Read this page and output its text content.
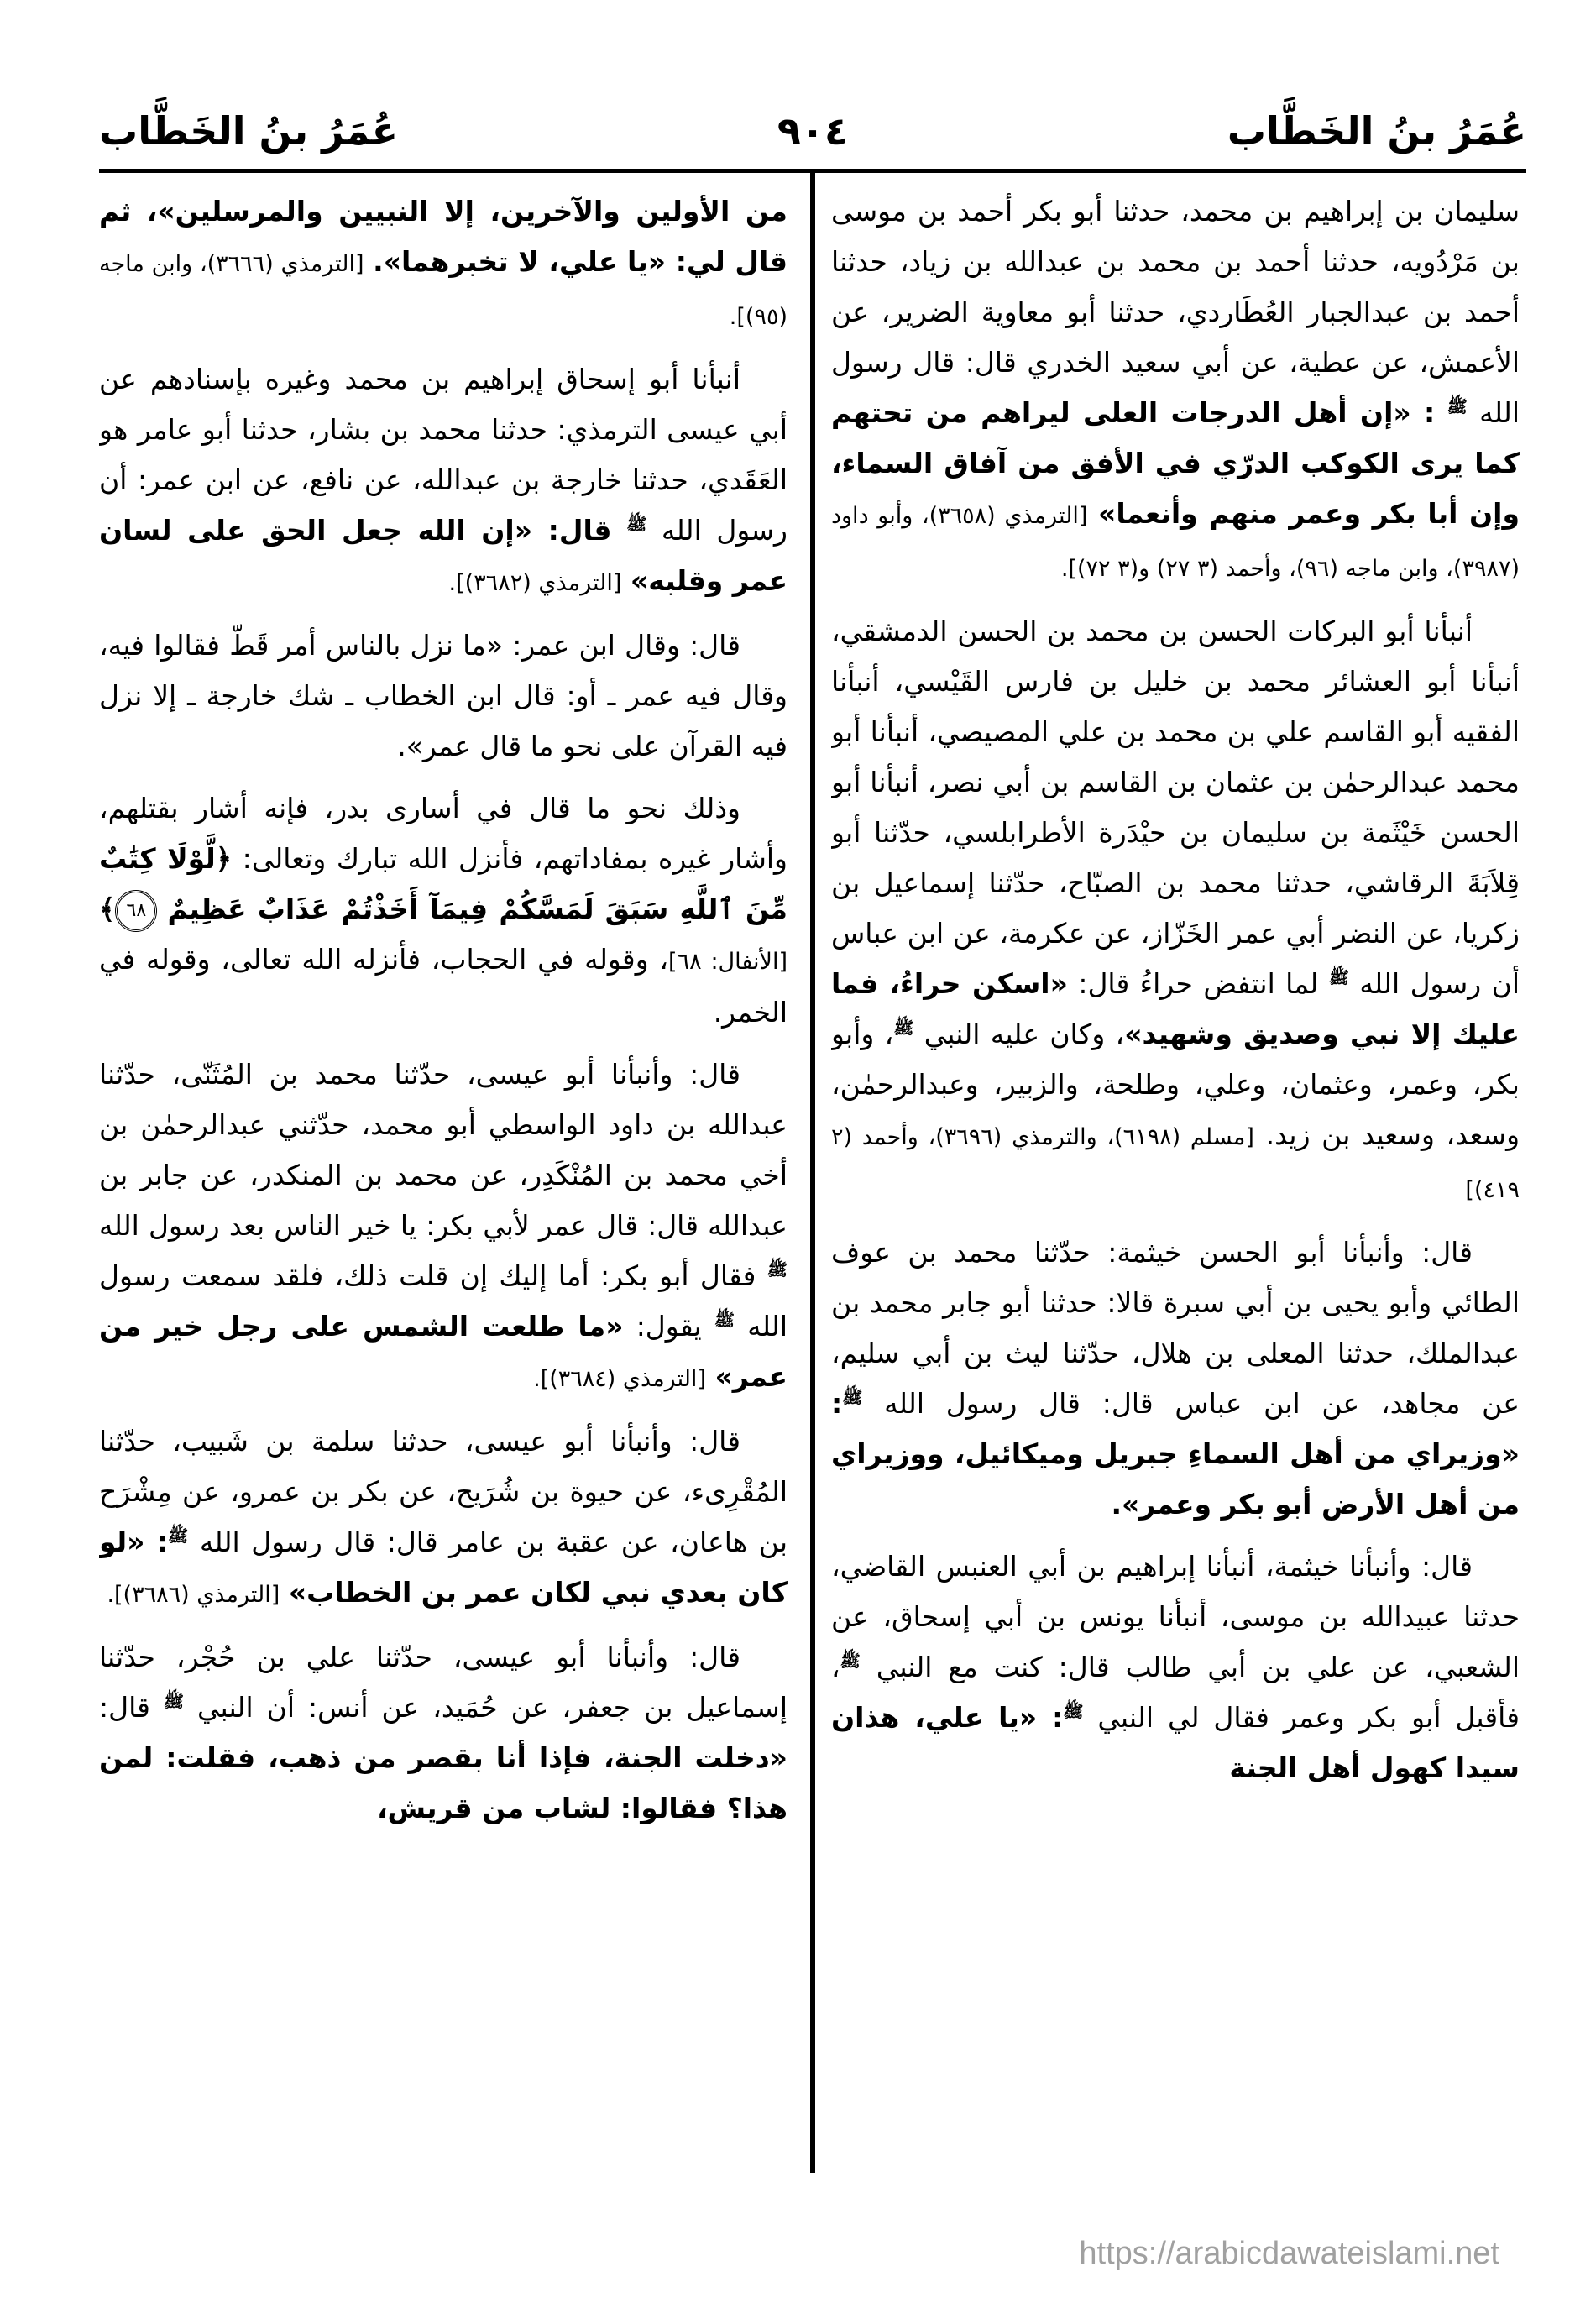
عُمَرُ بنُ الخَطَّاب	٩٠٤	عُمَرُ بنُ الخَطَّاب

سليمان بن إبراهيم بن محمد، حدثنا أبو بكر أحمد بن موسى بن مَرْدُويه، حدثنا أحمد بن محمد بن عبدالله بن زياد، حدثنا أحمد بن عبدالجبار العُطَاردي، حدثنا أبو معاوية الضرير، عن الأعمش، عن عطية، عن أبي سعيد الخدري قال: قال رسول الله $^ﷺ$ : «إن أهل الدرجات العلى ليراهم من تحتهم كما يرى الكوكب الدرّي في الأفق من آفاق السماء، وإن أبا بكر وعمر منهم وأنعما» [الترمذي (٣٦٥٨)، وأبو داود (٣٩٨٧)، وابن ماجه (٩٦)، وأحمد (٣ ٢٧) و(٣ ٧٢)].

أنبأنا أبو البركات الحسن بن محمد بن الحسن الدمشقي، أنبأنا أبو العشائر محمد بن خليل بن فارس القَيْسي، أنبأنا الفقيه أبو القاسم علي بن محمد بن علي المصيصي، أنبأنا أبو محمد عبدالرحمٰن بن عثمان بن القاسم بن أبي نصر، أنبأنا أبو الحسن خَيْثَمة بن سليمان بن حيْدَرة الأطرابلسي، حدّثنا أبو قِلاَبَةَ الرقاشي، حدثنا محمد بن الصبّاح، حدّثنا إسماعيل بن زكريا، عن النضر أبي عمر الخَزّاز، عن عكرمة، عن ابن عباس أن رسول الله $^ﷺ$ لما انتفض حراءُ قال: «اسكن حراءُ، فما عليك إلا نبي وصديق وشهيد»، وكان عليه النبي $^ﷺ$، وأبو بكر، وعمر، وعثمان، وعلي، وطلحة، والزبير، وعبدالرحمٰن، وسعد، وسعيد بن زيد. [مسلم (٦١٩٨)، والترمذي (٣٦٩٦)، وأحمد (٢ ٤١٩)]

قال: وأنبأنا أبو الحسن خيثمة: حدّثنا محمد بن عوف الطائي وأبو يحيى بن أبي سبرة قالا: حدثنا أبو جابر محمد بن عبدالملك، حدثنا المعلى بن هلال، حدّثنا ليث بن أبي سليم، عن مجاهد، عن ابن عباس قال: قال رسول الله $^ﷺ$: «وزيراي من أهل السماءِ جبريل وميكائيل، ووزيراي من أهل الأرض أبو بكر وعمر».

قال: وأنبأنا خيثمة، أنبأنا إبراهيم بن أبي العنبس القاضي، حدثنا عبيدالله بن موسى، أنبأنا يونس بن أبي إسحاق، عن الشعبي، عن علي بن أبي طالب قال: كنت مع النبي $^ﷺ$، فأقبل أبو بكر وعمر فقال لي النبي $^ﷺ$: «يا علي، هذان سيدا كهول أهل الجنة

من الأولين والآخرين، إلا النبيين والمرسلين»، ثم قال لي: «يا علي، لا تخبرهما». [الترمذي (٣٦٦٦)، وابن ماجه (٩٥)].

أنبأنا أبو إسحاق إبراهيم بن محمد وغيره بإسنادهم عن أبي عيسى الترمذي: حدثنا محمد بن بشار، حدثنا أبو عامر هو العَقَدي، حدثنا خارجة بن عبدالله، عن نافع، عن ابن عمر: أن رسول الله $^ﷺ$ قال: «إن الله جعل الحق على لسان عمر وقلبه» [الترمذي (٣٦٨٢)].

قال: وقال ابن عمر: «ما نزل بالناس أمر قَطّ فقالوا فيه، وقال فيه عمر ـ أو: قال ابن الخطاب ـ شك خارجة ـ إلا نزل فيه القرآن على نحو ما قال عمر».

وذلك نحو ما قال في أسارى بدر، فإنه أشار بقتلهم، وأشار غيره بمفاداتهم، فأنزل الله تبارك وتعالى: ﴿لَّوْلَا كِتَٰبٌ مِّنَ ٱللَّهِ سَبَقَ لَمَسَّكُمْ فِيمَآ أَخَذْتُمْ عَذَابٌ عَظِيمٌ ٦٨﴾ [الأنفال: ٦٨]، وقوله في الحجاب، فأنزله الله تعالى، وقوله في الخمر.

قال: وأنبأنا أبو عيسى، حدّثنا محمد بن المُثَنّى، حدّثنا عبدالله بن داود الواسطي أبو محمد، حدّثني عبدالرحمٰن بن أخي محمد بن المُنْكَدِر، عن محمد بن المنكدر، عن جابر بن عبدالله قال: قال عمر لأبي بكر: يا خير الناس بعد رسول الله $^ﷺ$ فقال أبو بكر: أما إليك إن قلت ذلك، فلقد سمعت رسول الله $^ﷺ$ يقول: «ما طلعت الشمس على رجل خير من عمر» [الترمذي (٣٦٨٤)].

قال: وأنبأنا أبو عيسى، حدثنا سلمة بن شَبيب، حدّثنا المُقْرِىء، عن حيوة بن شُرَيح، عن بكر بن عمرو، عن مِشْرَح بن هاعان، عن عقبة بن عامر قال: قال رسول الله $^ﷺ$: «لو كان بعدي نبي لكان عمر بن الخطاب» [الترمذي (٣٦٨٦)].

قال: وأنبأنا أبو عيسى، حدّثنا علي بن حُجْر، حدّثنا إسماعيل بن جعفر، عن حُمَيد، عن أنس: أن النبي $^ﷺ$ قال: «دخلت الجنة، فإذا أنا بقصر من ذهب، فقلت: لمن هذا؟ فقالوا: لشاب من قريش،

https://arabicdawateislami.net
